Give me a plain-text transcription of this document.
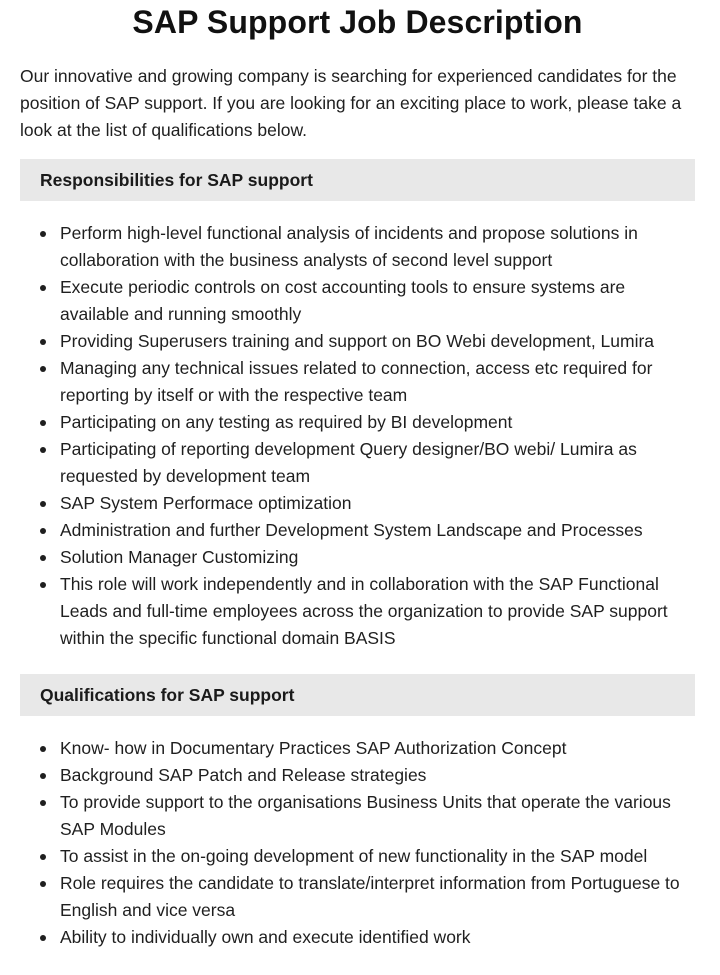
SAP Support Job Description

Our innovative and growing company is searching for experienced candidates for the position of SAP support. If you are looking for an exciting place to work, please take a look at the list of qualifications below.

Responsibilities for SAP support
Perform high-level functional analysis of incidents and propose solutions in collaboration with the business analysts of second level support
Execute periodic controls on cost accounting tools to ensure systems are available and running smoothly
Providing Superusers training and support on BO Webi development, Lumira
Managing any technical issues related to connection, access etc required for reporting by itself or with the respective team
Participating on any testing as required by BI development
Participating of reporting development Query designer/BO webi/ Lumira as requested by development team
SAP System Performace optimization
Administration and further Development System Landscape and Processes
Solution Manager Customizing
This role will work independently and in collaboration with the SAP Functional Leads and full-time employees across the organization to provide SAP support within the specific functional domain BASIS
Qualifications for SAP support
Know- how in Documentary Practices SAP Authorization Concept
Background SAP Patch and Release strategies
To provide support to the organisations Business Units that operate the various SAP Modules
To assist in the on-going development of new functionality in the SAP model
Role requires the candidate to translate/interpret information from Portuguese to English and vice versa
Ability to individually own and execute identified work
